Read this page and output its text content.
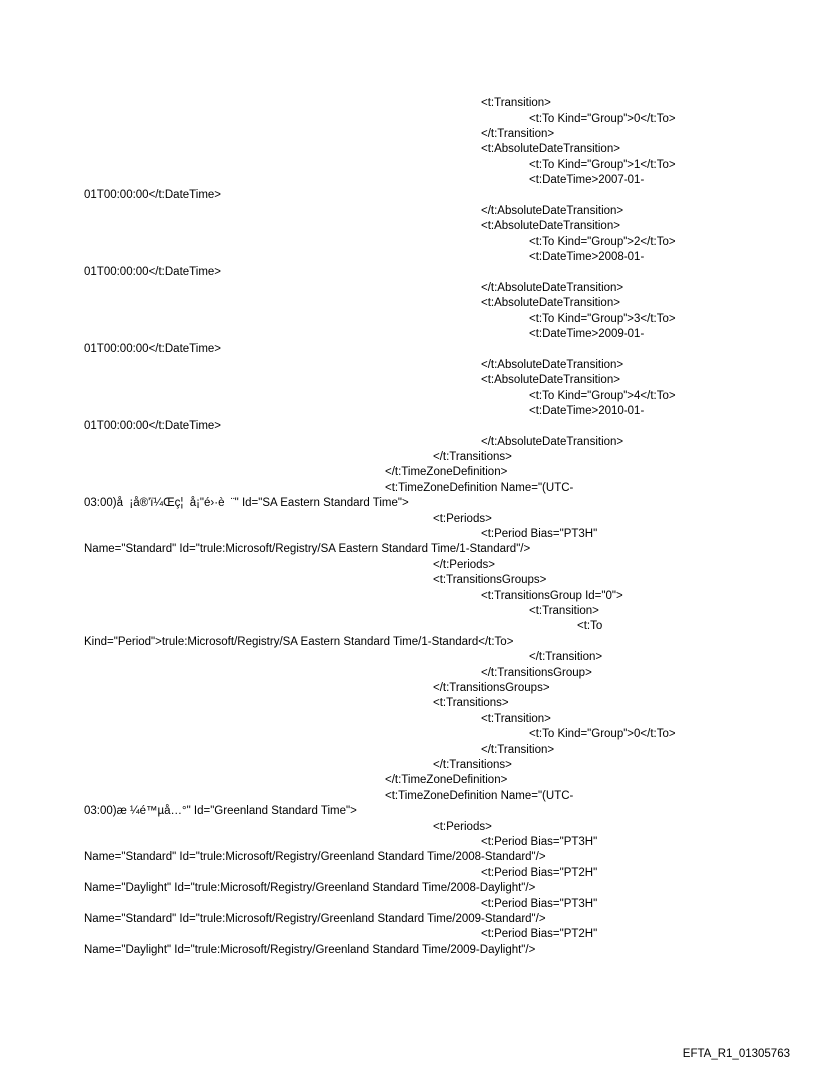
<t:Transition>
<t:To Kind="Group">0</t:To>
</t:Transition>
<t:AbsoluteDateTransition>
<t:To Kind="Group">1</t:To>
<t:DateTime>2007-01-
01T00:00:00</t:DateTime>
</t:AbsoluteDateTransition>
<t:AbsoluteDateTransition>
<t:To Kind="Group">2</t:To>
<t:DateTime>2008-01-
01T00:00:00</t:DateTime>
</t:AbsoluteDateTransition>
<t:AbsoluteDateTransition>
<t:To Kind="Group">3</t:To>
<t:DateTime>2009-01-
01T00:00:00</t:DateTime>
</t:AbsoluteDateTransition>
<t:AbsoluteDateTransition>
<t:To Kind="Group">4</t:To>
<t:DateTime>2010-01-
01T00:00:00</t:DateTime>
</t:AbsoluteDateTransition>
</t:Transitions>
</t:TimeZoneDefinition>
<t:TimeZoneDefinition Name="(UTC-
03:00)å  ¡å®'ï¼Œç¦  å¡"é›·è  ¨" Id="SA Eastern Standard Time">
<t:Periods>
<t:Period Bias="PT3H"
Name="Standard" Id="trule:Microsoft/Registry/SA Eastern Standard Time/1-Standard"/>
</t:Periods>
<t:TransitionsGroups>
<t:TransitionsGroup Id="0">
<t:Transition>
<t:To
Kind="Period">trule:Microsoft/Registry/SA Eastern Standard Time/1-Standard</t:To>
</t:Transition>
</t:TransitionsGroup>
</t:TransitionsGroups>
<t:Transitions>
<t:Transition>
<t:To Kind="Group">0</t:To>
</t:Transition>
</t:Transitions>
</t:TimeZoneDefinition>
<t:TimeZoneDefinition Name="(UTC-
03:00)æ ¼é™µå…°" Id="Greenland Standard Time">
<t:Periods>
<t:Period Bias="PT3H"
Name="Standard" Id="trule:Microsoft/Registry/Greenland Standard Time/2008-Standard"/>
<t:Period Bias="PT2H"
Name="Daylight" Id="trule:Microsoft/Registry/Greenland Standard Time/2008-Daylight"/>
<t:Period Bias="PT3H"
Name="Standard" Id="trule:Microsoft/Registry/Greenland Standard Time/2009-Standard"/>
<t:Period Bias="PT2H"
Name="Daylight" Id="trule:Microsoft/Registry/Greenland Standard Time/2009-Daylight"/>
EFTA_R1_01305763
